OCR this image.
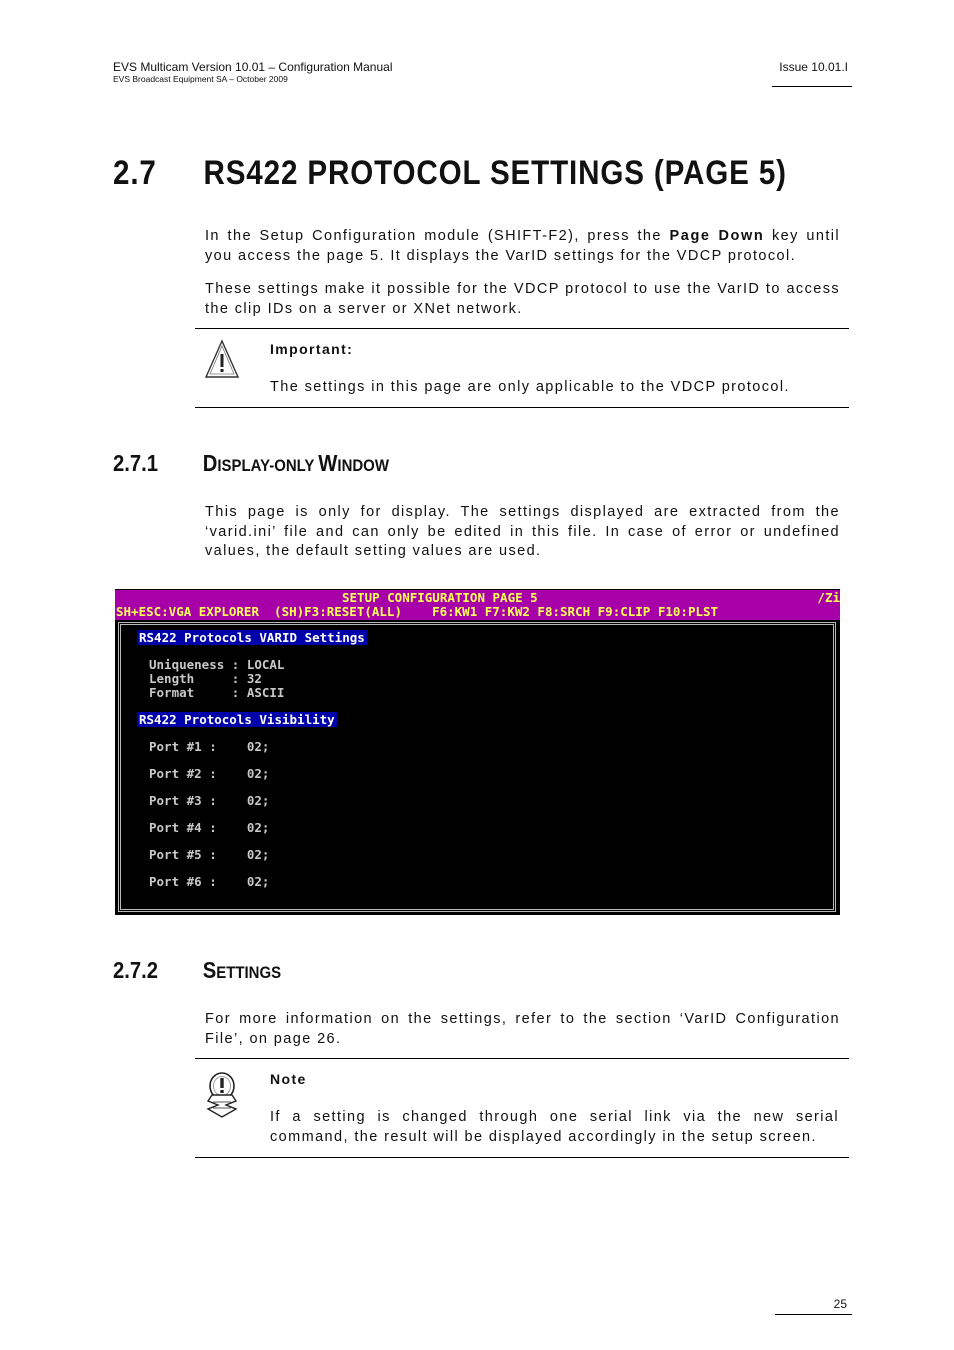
EVS Multicam Version 10.01 – Configuration Manual
EVS Broadcast Equipment SA – October 2009
Issue 10.01.I
2.7 RS422 PROTOCOL SETTINGS (PAGE 5)

In the Setup Configuration module (SHIFT-F2), press the Page Down key until you access the page 5. It displays the VarID settings for the VDCP protocol.

These settings make it possible for the VDCP protocol to use the VarID to access the clip IDs on a server or XNet network.

Important:

The settings in this page are only applicable to the VDCP protocol.

2.7.1 DISPLAY-ONLY WINDOW

This page is only for display. The settings displayed are extracted from the ‘varid.ini’ file and can only be edited in this file. In case of error or undefined values, the default setting values are used.

SETUP CONFIGURATION PAGE 5

	/Zi

SH+ESC:VGA EXPLORER  (SH)F3:RESET(ALL)    F6:KW1 F7:KW2 F8:SRCH F9:CLIP F10:PLST

RS422 Protocols VARID Settings
Uniqueness : LOCAL
Length     : 32
Format     : ASCII
RS422 Protocols Visibility
Port #1 :    02;
Port #2 :    02;
Port #3 :    02;
Port #4 :    02;
Port #5 :    02;
Port #6 :    02;
2.7.2 SETTINGS

For more information on the settings, refer to the section ‘VarID Configuration File’, on page 26.

Note

If a setting is changed through one serial link via the new serial command, the result will be displayed accordingly in the setup screen.

25
